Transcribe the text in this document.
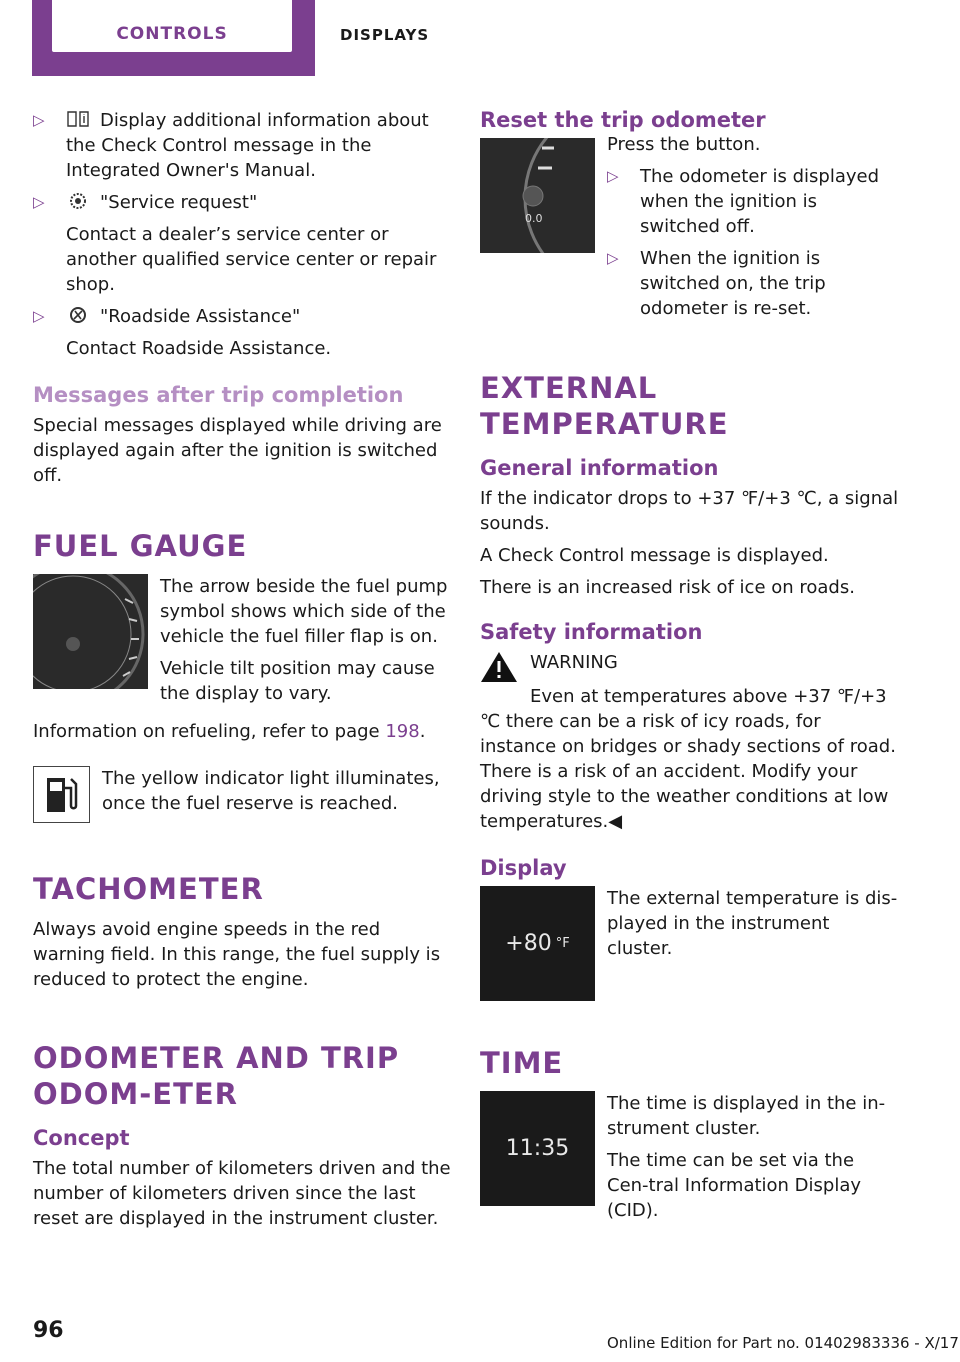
CONTROLS	DISPLAYS
▷	Display additional information about the Check Control message in the Integrated Owner's Manual.
▷	"Service request"
Contact a dealer’s service center or another qualified service center or repair shop.
▷	"Roadside Assistance"
Contact Roadside Assistance.
Messages after trip completion

Special messages displayed while driving are displayed again after the ignition is switched off.

FUEL GAUGE

The arrow beside the fuel pump symbol shows which side of the vehicle the fuel filler flap is on.

Vehicle tilt position may cause the display to vary.

Information on refueling, refer to page 198.

The yellow indicator light illuminates, once the fuel reserve is reached.

TACHOMETER

Always avoid engine speeds in the red warning field. In this range, the fuel supply is reduced to protect the engine.

ODOMETER AND TRIP ODOM-ETER
Concept

The total number of kilometers driven and the number of kilometers driven since the last reset are displayed in the instrument cluster.

Reset the trip odometer
0.0

Press the button.

▷ The odometer is displayed when the ignition is switched off.
▷ When the ignition is switched on, the trip odometer is re-set.
EXTERNAL TEMPERATURE
General information

If the indicator drops to +37 ℉/+3 ℃, a signal sounds.

A Check Control message is displayed.

There is an increased risk of ice on roads.

Safety information

WARNING

Even at temperatures above +37 ℉/+3 ℃ there can be a risk of icy roads, for instance on bridges or shady sections of road. There is a risk of an accident. Modify your driving style to the weather conditions at low temperatures.◀

Display
+80 °F

The external temperature is dis-played in the instrument cluster.

TIME
11:35

The time is displayed in the in-strument cluster.

The time can be set via the Cen-tral Information Display (CID).

96	Online Edition for Part no. 01402983336 - X/17
